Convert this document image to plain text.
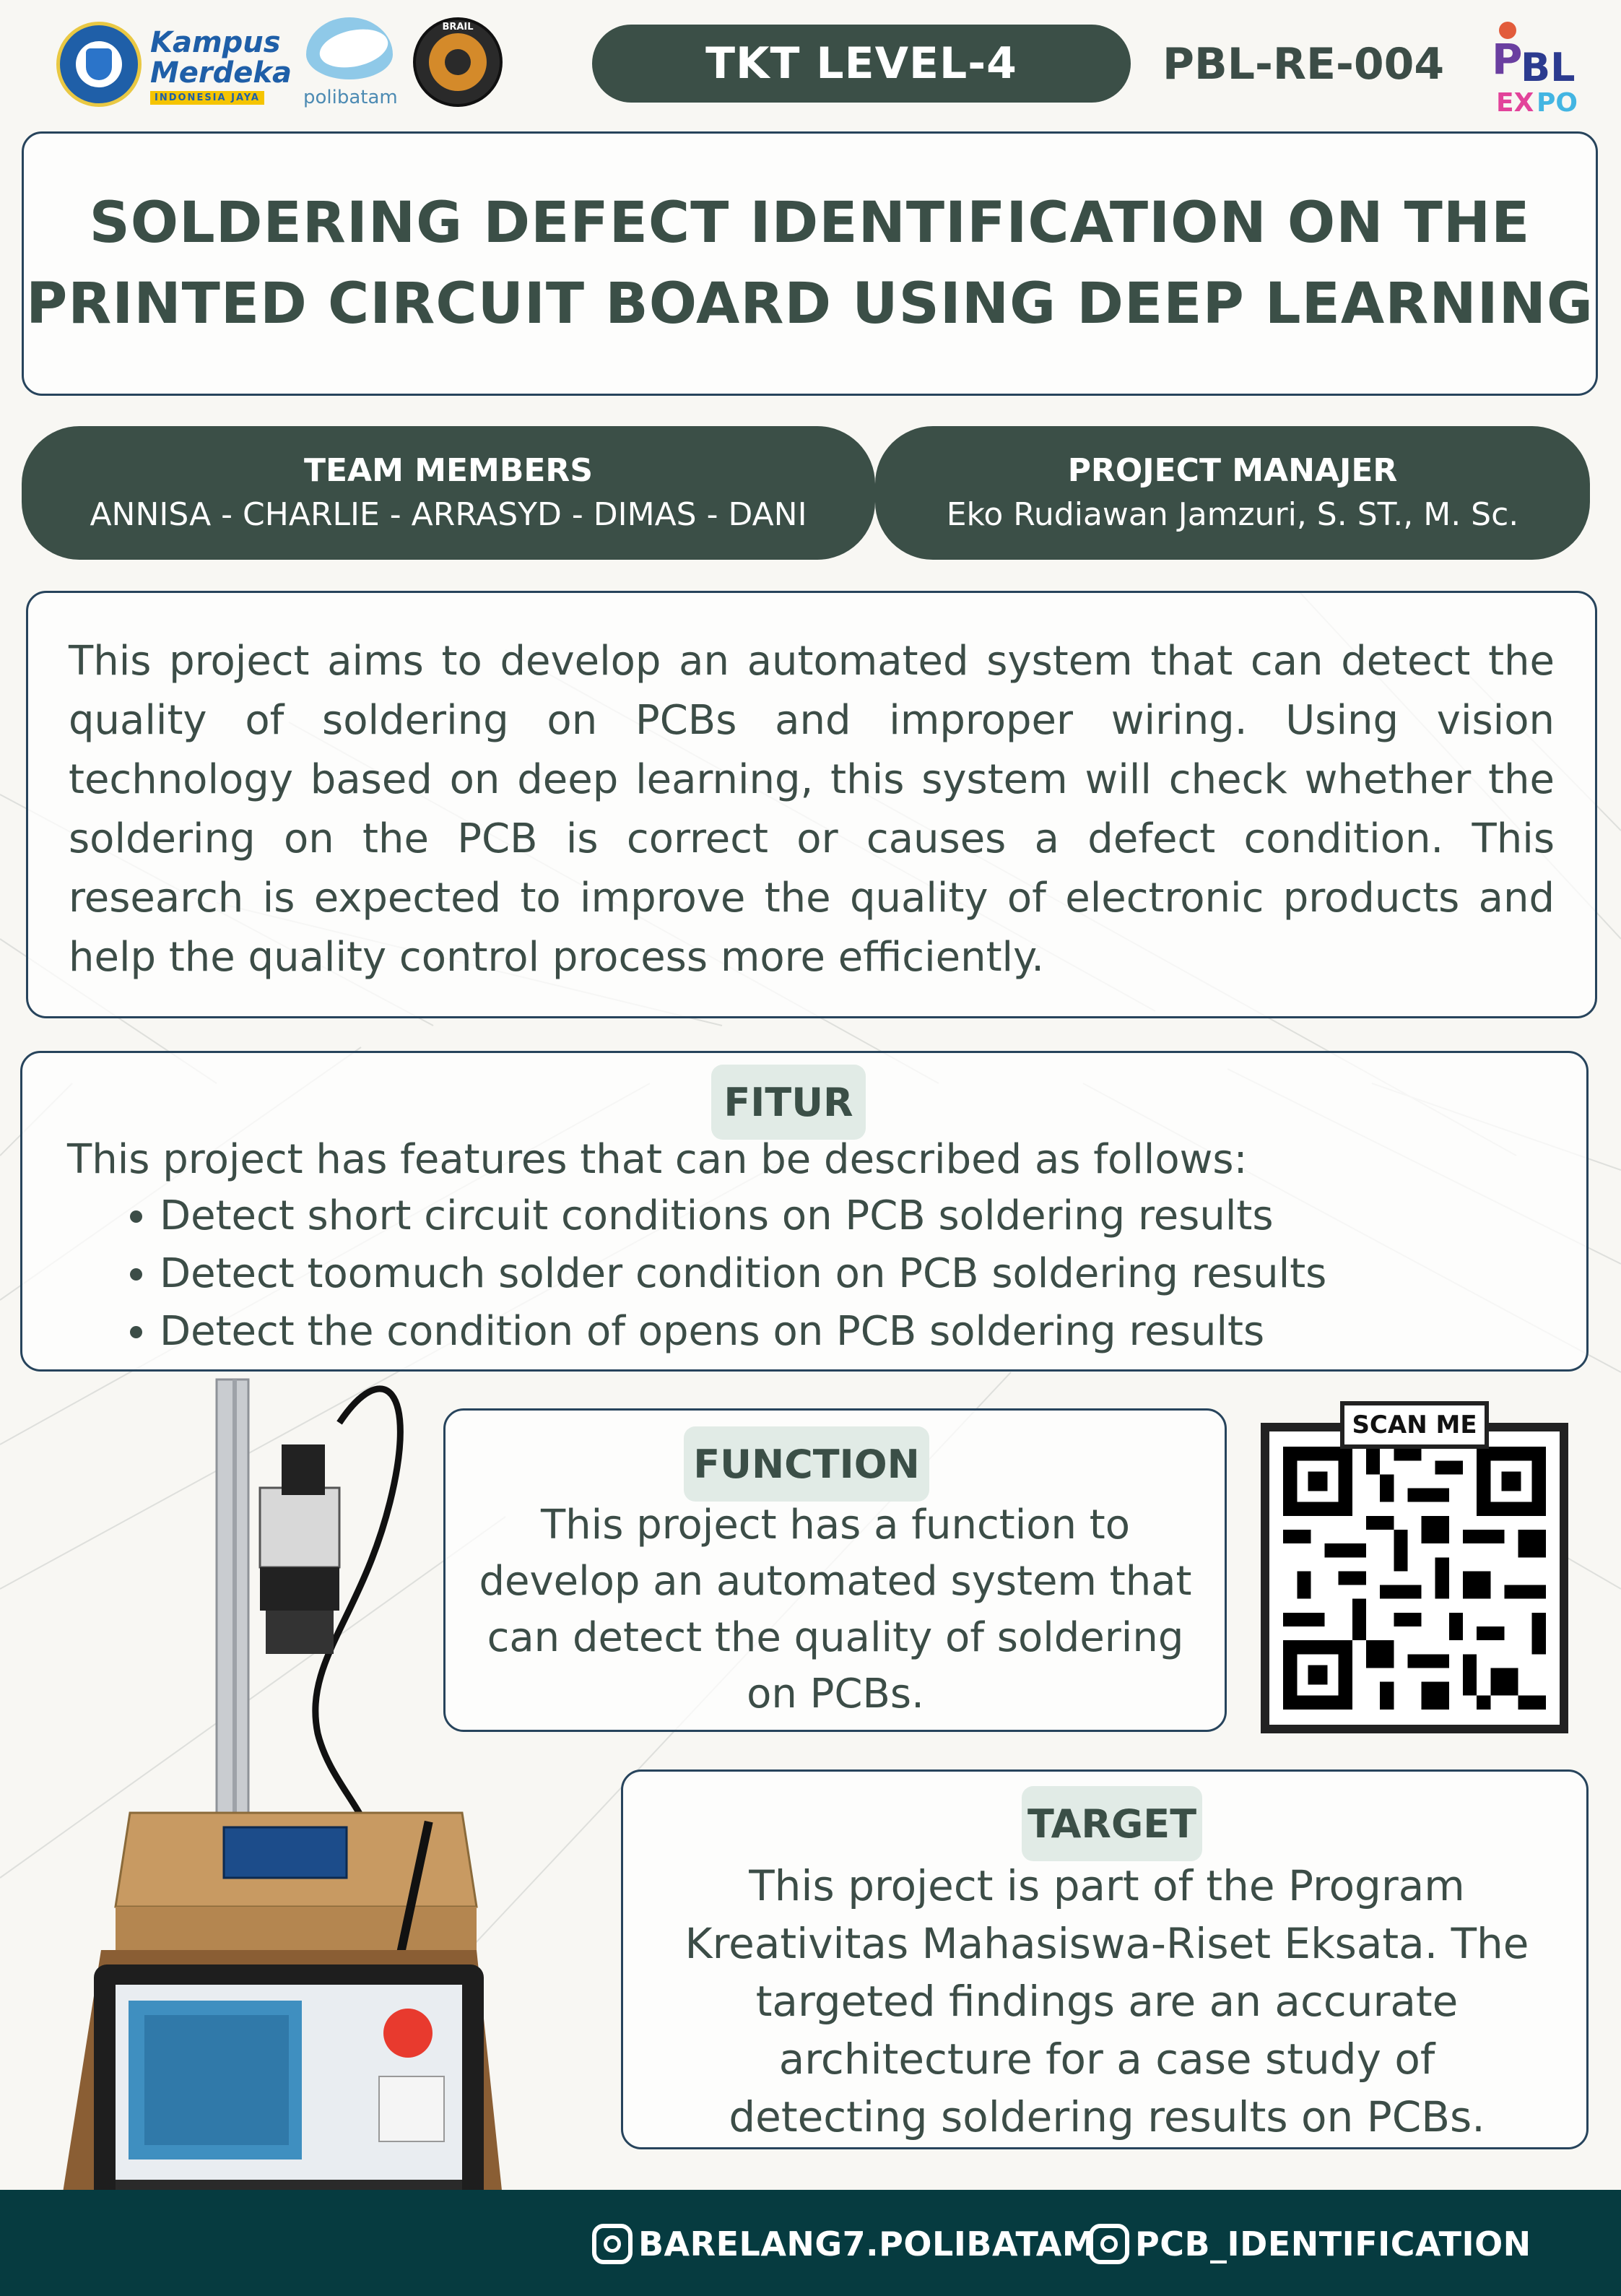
Kampus
Merdeka
INDONESIA JAYA	polibatam
BRAIL
TKT LEVEL-4	PBL-RE-004	P
BL
EX PO
SOLDERING DEFECT IDENTIFICATION ON THE
PRINTED CIRCUIT BOARD USING DEEP LEARNING
TEAM MEMBERS
ANNISA - CHARLIE - ARRASYD - DIMAS - DANI
PROJECT MANAJER
Eko Rudiawan Jamzuri, S. ST., M. Sc.
This project aims to develop an automated system that can detect the quality of soldering on PCBs and improper wiring. Using vision technology based on deep learning, this system will check whether the soldering on the PCB is correct or causes a defect condition. This research is expected to improve the quality of electronic products and help the quality control process more efficiently.
FITUR
This project has features that can be described as follows:
• Detect short circuit conditions on PCB soldering results
• Detect toomuch solder condition on PCB soldering results
• Detect the condition of opens on PCB soldering results
FUNCTION
This project has a function to
develop an automated system that
can detect the quality of soldering
on PCBs.
SCAN ME
TARGET
This project is part of the Program
Kreativitas Mahasiswa-Riset Eksata. The
targeted findings are an accurate
architecture for a case study of
detecting soldering results on PCBs.
BARELANG7.POLIBATAM PCB_IDENTIFICATION
